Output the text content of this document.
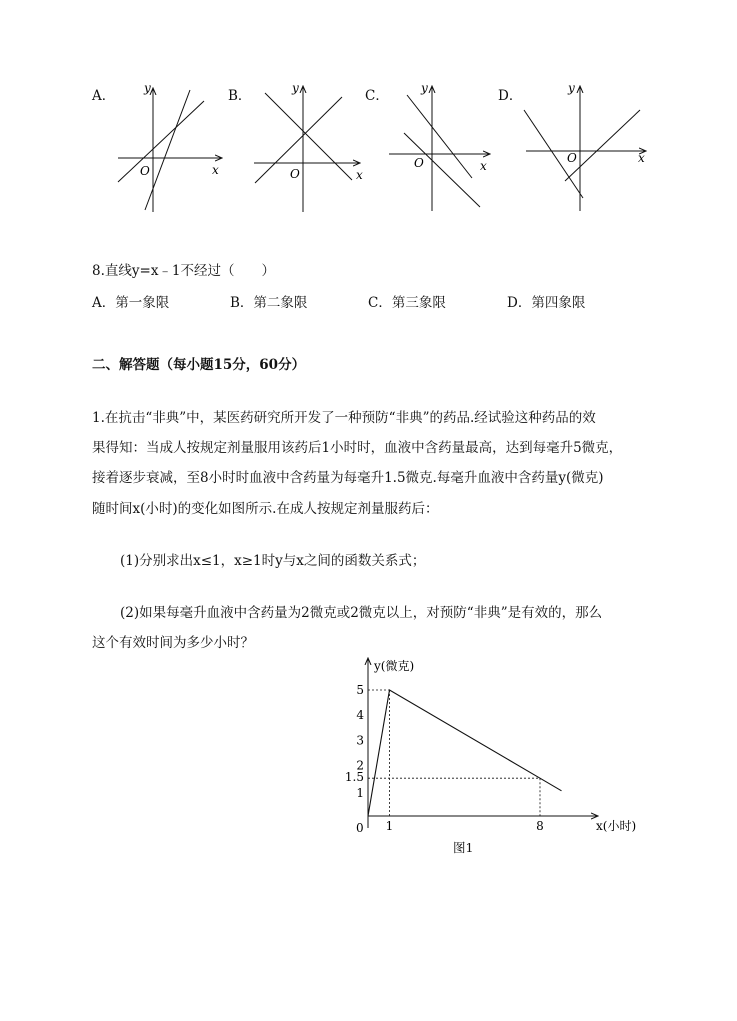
A．	B．	C．	D．
y
x
O
y
x
O
y
x
O
y
x
O
8.直线y=x﹣1不经过（　　）
A．第一象限	B．第二象限	C．第三象限	D．第四象限
二、解答题（每小题15分，60分）
1.在抗击“非典”中，某医药研究所开发了一种预防“非典”的药品.经试验这种药品的效
果得知：当成人按规定剂量服用该药后1小时时，血液中含药量最高，达到每毫升5微克，
接着逐步衰减，至8小时时血液中含药量为每毫升1.5微克.每毫升血液中含药量y(微克)
随时间x(小时)的变化如图所示.在成人按规定剂量服药后：
(1)分别求出x≤1，x≥1时y与x之间的函数关系式；
(2)如果每毫升血液中含药量为2微克或2微克以上，对预防“非典”是有效的，那么
这个有效时间为多少小时？
1
1.5
2
3
4
5
1	8
y(微克)
x(小时)
0
图1
